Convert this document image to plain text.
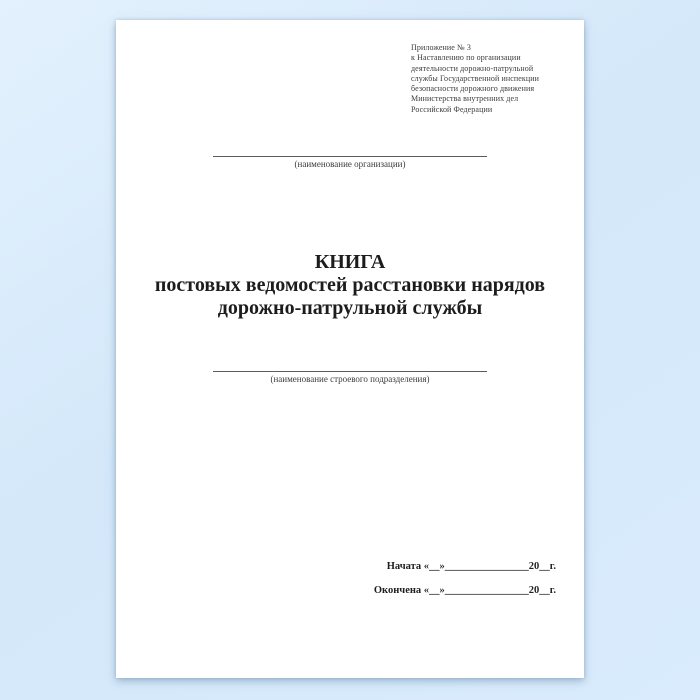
Приложение № 3
к Наставлению по организации
деятельности дорожно-патрульной
службы Государственной инспекции
безопасности дорожного движения
Министерства внутренних дел
Российской Федерации
(наименование организации)
КНИГА
постовых ведомостей расстановки нарядов
дорожно-патрульной службы
(наименование строевого подразделения)
Начата «__»________________20__г.
Окончена «__»________________20__г.
